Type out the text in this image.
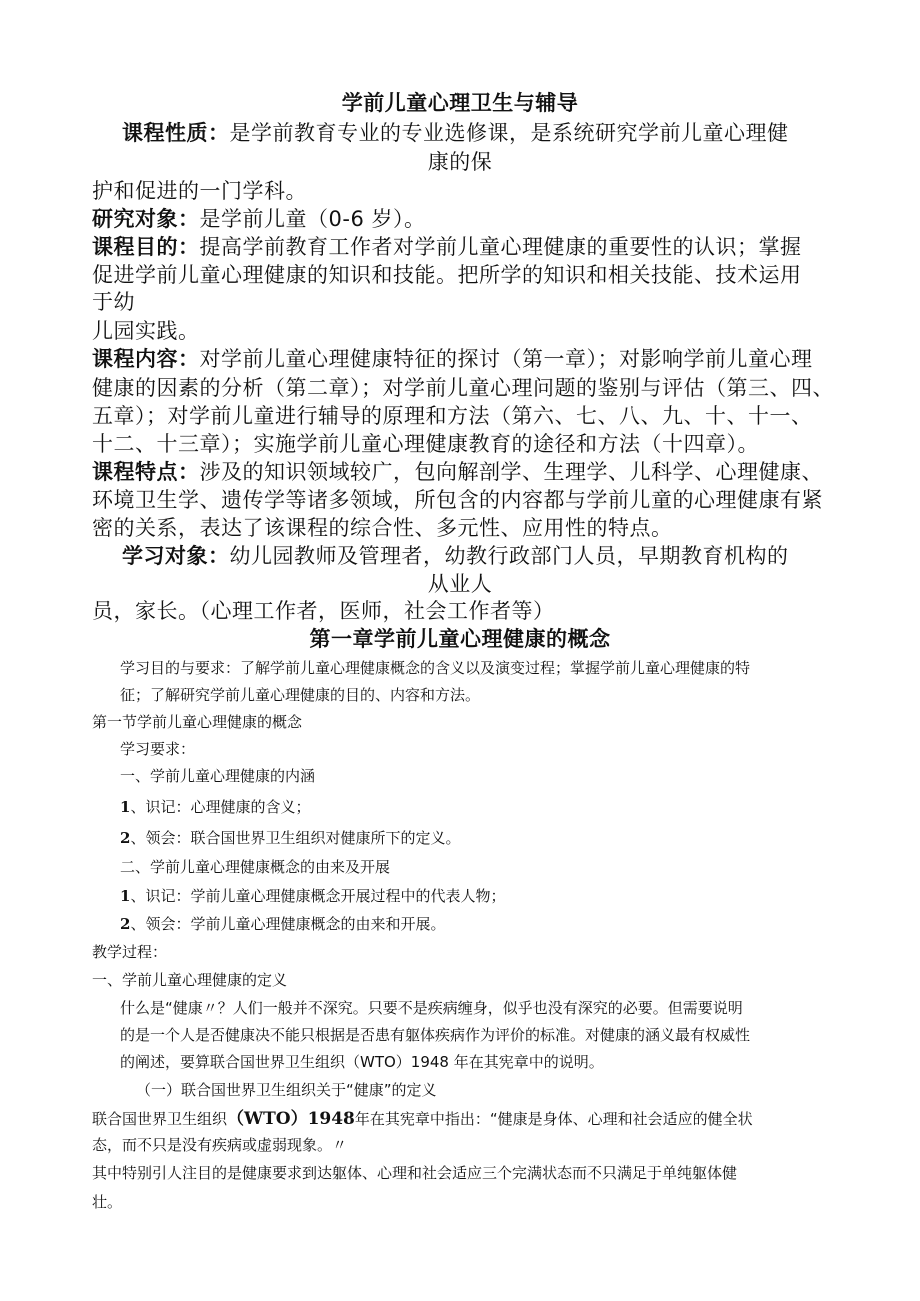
学前儿童心理卫生与辅导
课程性质：是学前教育专业的专业选修课，是系统研究学前儿童心理健
康的保
护和促进的一门学科。
研究对象：是学前儿童（0-6 岁）。
课程目的：提高学前教育工作者对学前儿童心理健康的重要性的认识；掌握
促进学前儿童心理健康的知识和技能。把所学的知识和相关技能、技术运用
于幼
儿园实践。
课程内容：对学前儿童心理健康特征的探讨（第一章）；对影响学前儿童心理
健康的因素的分析（第二章）；对学前儿童心理问题的鉴别与评估（第三、四、
五章）；对学前儿童进行辅导的原理和方法（第六、七、八、九、十、十一、
十二、十三章）；实施学前儿童心理健康教育的途径和方法（十四章）。
课程特点：涉及的知识领域较广，包向解剖学、生理学、儿科学、心理健康、
环境卫生学、遗传学等诸多领域，所包含的内容都与学前儿童的心理健康有紧
密的关系，表达了该课程的综合性、多元性、应用性的特点。
学习对象：幼儿园教师及管理者，幼教行政部门人员，早期教育机构的
从业人
员，家长。（心理工作者，医师，社会工作者等）
第一章学前儿童心理健康的概念
学习目的与要求：了解学前儿童心理健康概念的含义以及演变过程；掌握学前儿童心理健康的特
征；了解研究学前儿童心理健康的目的、内容和方法。
第一节学前儿童心理健康的概念
学习要求：
一、学前儿童心理健康的内涵
1、识记：心理健康的含义；
2、领会：联合国世界卫生组织对健康所下的定义。
二、学前儿童心理健康概念的由来及开展
1、识记：学前儿童心理健康概念开展过程中的代表人物；
2、领会：学前儿童心理健康概念的由来和开展。
教学过程：
一、学前儿童心理健康的定义
什么是“健康〃？人们一般并不深究。只要不是疾病缠身，似乎也没有深究的必要。但需要说明
的是一个人是否健康决不能只根据是否患有躯体疾病作为评价的标准。对健康的涵义最有权威性
的阐述，要算联合国世界卫生组织（WTO）1948 年在其宪章中的说明。
（一）联合国世界卫生组织关于“健康”的定义
联合国世界卫生组织（WTO）1948年在其宪章中指出：“健康是身体、心理和社会适应的健全状
态，而不只是没有疾病或虚弱现象。〃
其中特别引人注目的是健康要求到达躯体、心理和社会适应三个完满状态而不只满足于单纯躯体健
壮。
